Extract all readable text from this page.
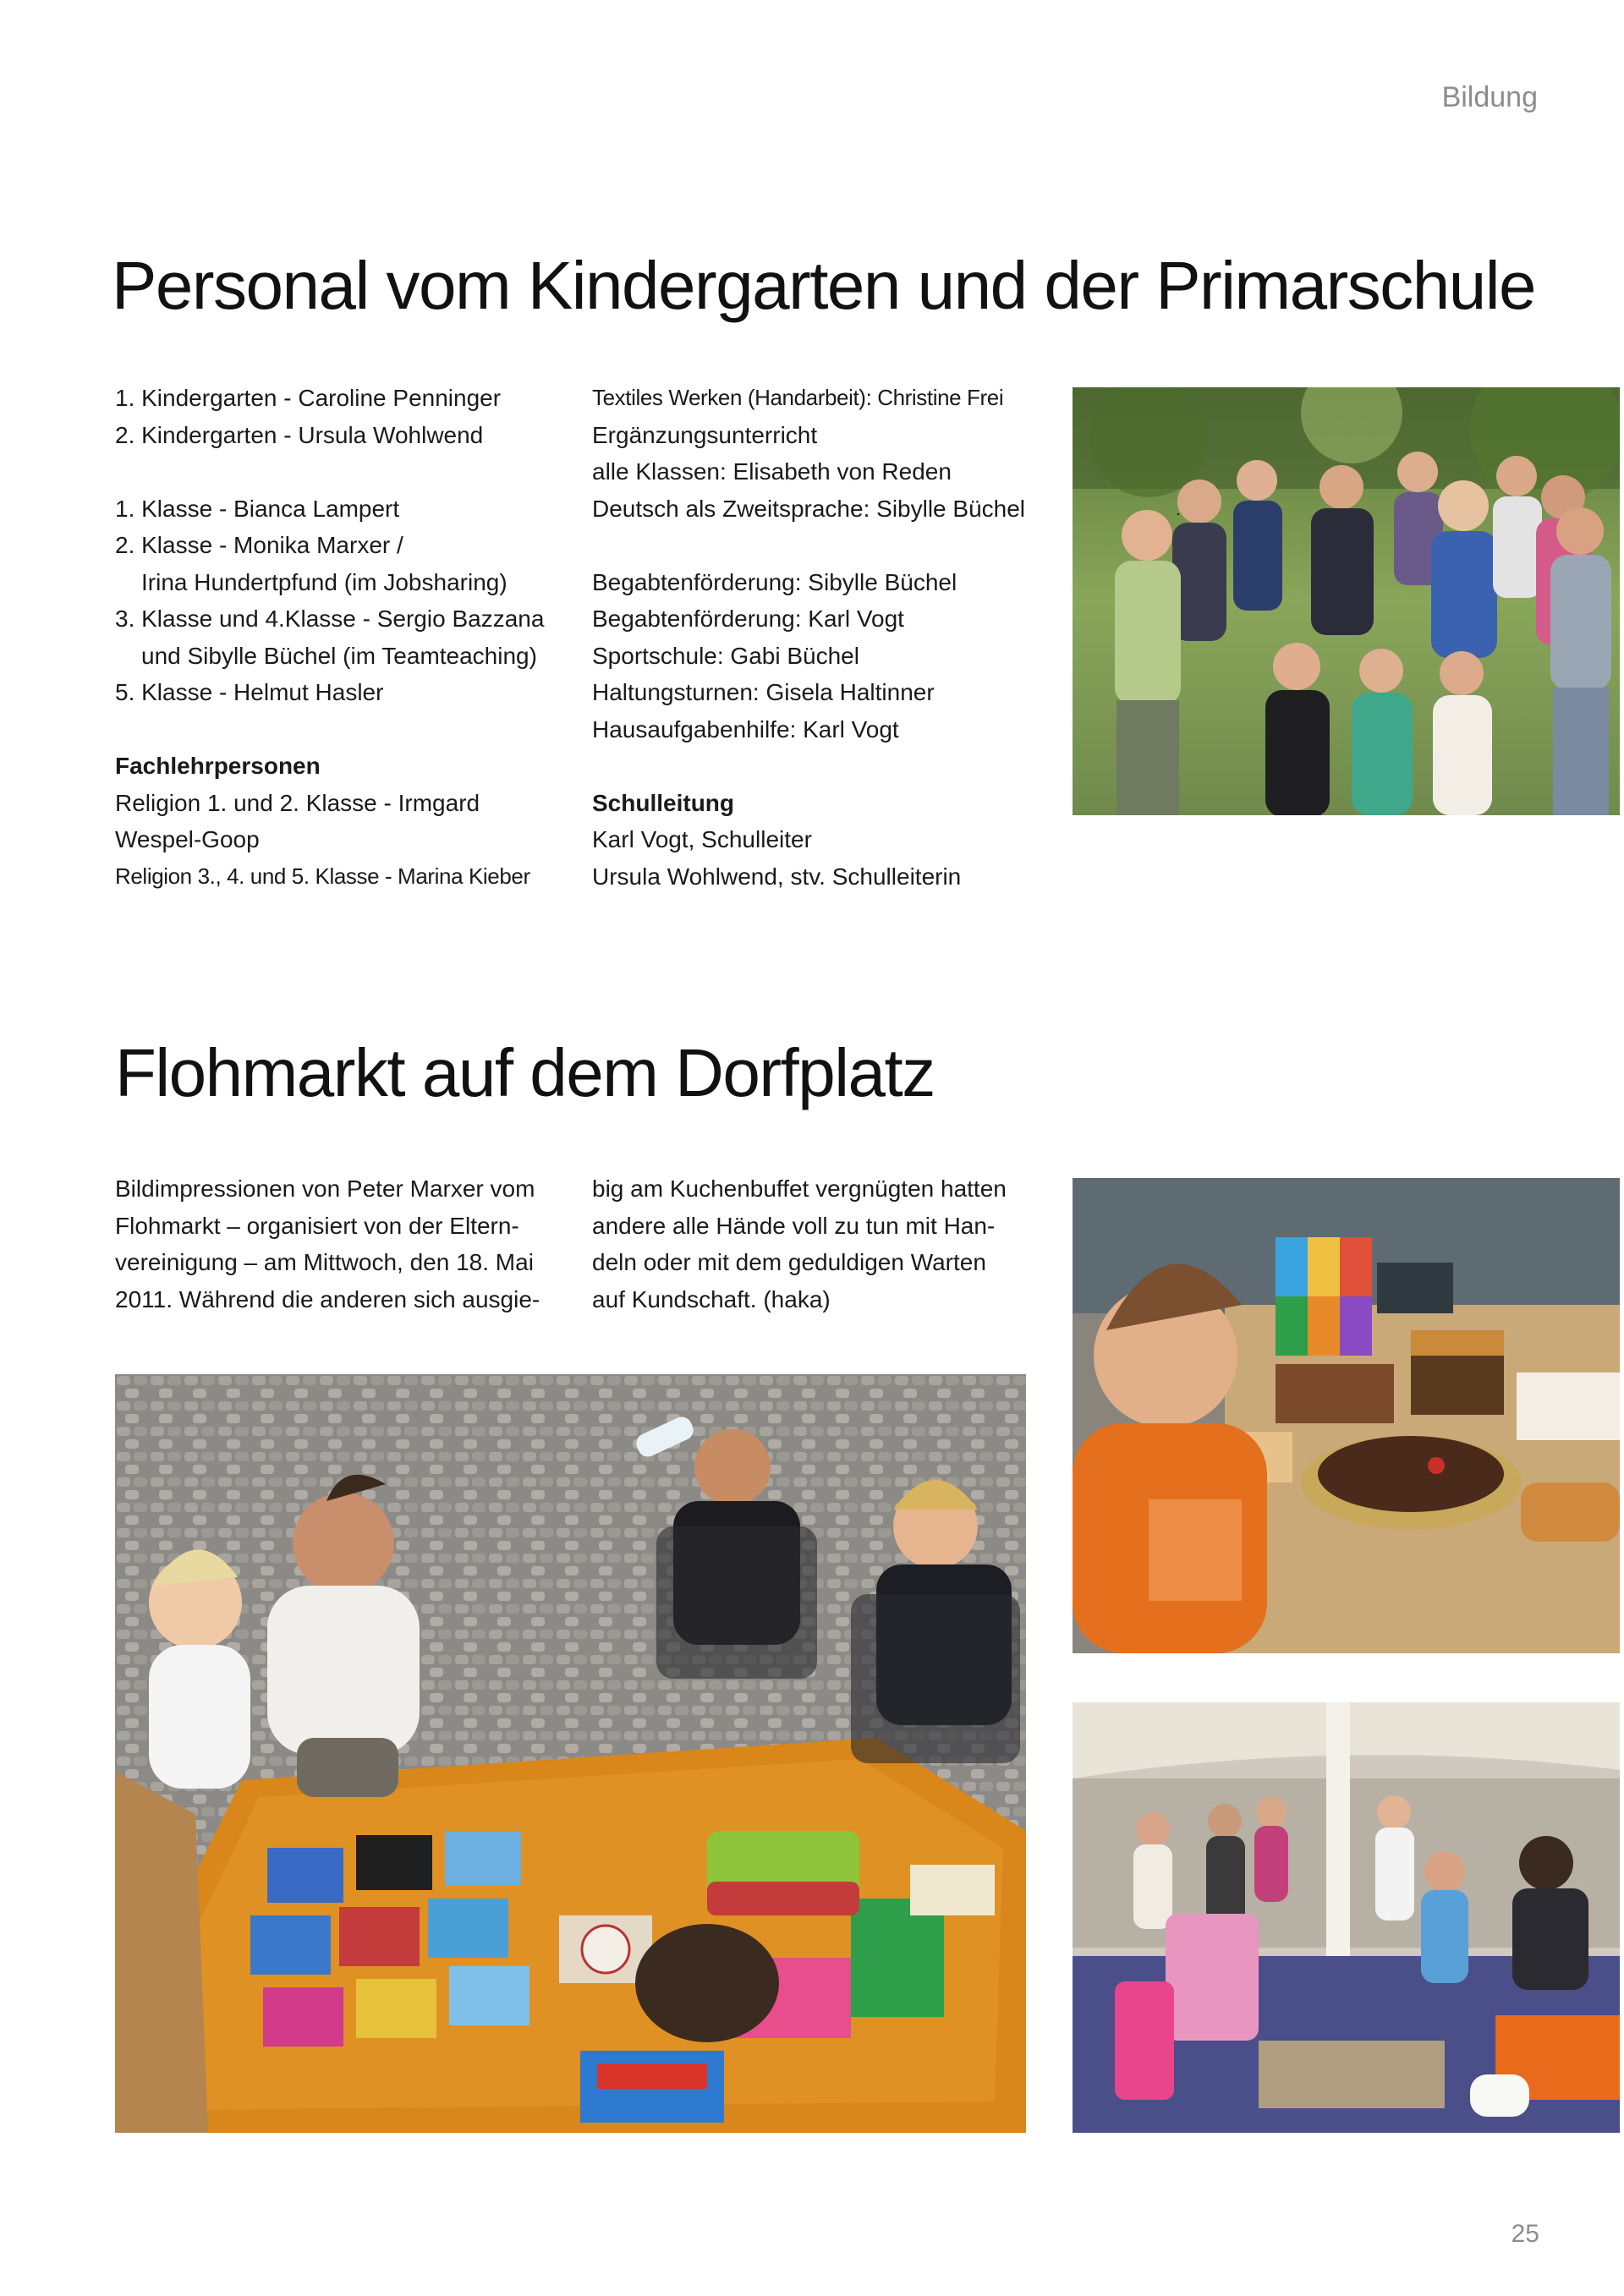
Bildung
Personal vom Kindergarten und der Primarschule
1. Kindergarten - Caroline Penninger
2. Kindergarten - Ursula Wohlwend
1. Klasse - Bianca Lampert
2. Klasse - Monika Marxer /
Irina Hundertpfund (im Jobsharing)
3. Klasse und 4.Klasse - Sergio Bazzana
und Sibylle Büchel (im Teamteaching)
5. Klasse - Helmut Hasler
Fachlehrpersonen
Religion 1. und 2. Klasse - Irmgard
Wespel-Goop
Religion 3., 4. und 5. Klasse - Marina Kieber
Textiles Werken (Handarbeit): Christine Frei
Ergänzungsunterricht
alle Klassen: Elisabeth von Reden
Deutsch als Zweitsprache: Sibylle Büchel
Begabtenförderung: Sibylle Büchel
Begabtenförderung: Karl Vogt
Sportschule: Gabi Büchel
Haltungsturnen: Gisela Haltinner
Hausaufgabenhilfe: Karl Vogt
Schulleitung
Karl Vogt, Schulleiter
Ursula Wohlwend, stv. Schulleiterin
Flohmarkt auf dem Dorfplatz
Bildimpressionen von Peter Marxer vom
Flohmarkt – organisiert von der Eltern-
vereinigung – am Mittwoch, den 18. Mai
2011. Während die anderen sich ausgie-
big am Kuchenbuffet vergnügten hatten
andere alle Hände voll zu tun mit Han-
deln oder mit dem geduldigen Warten
auf Kundschaft. (haka)
25
